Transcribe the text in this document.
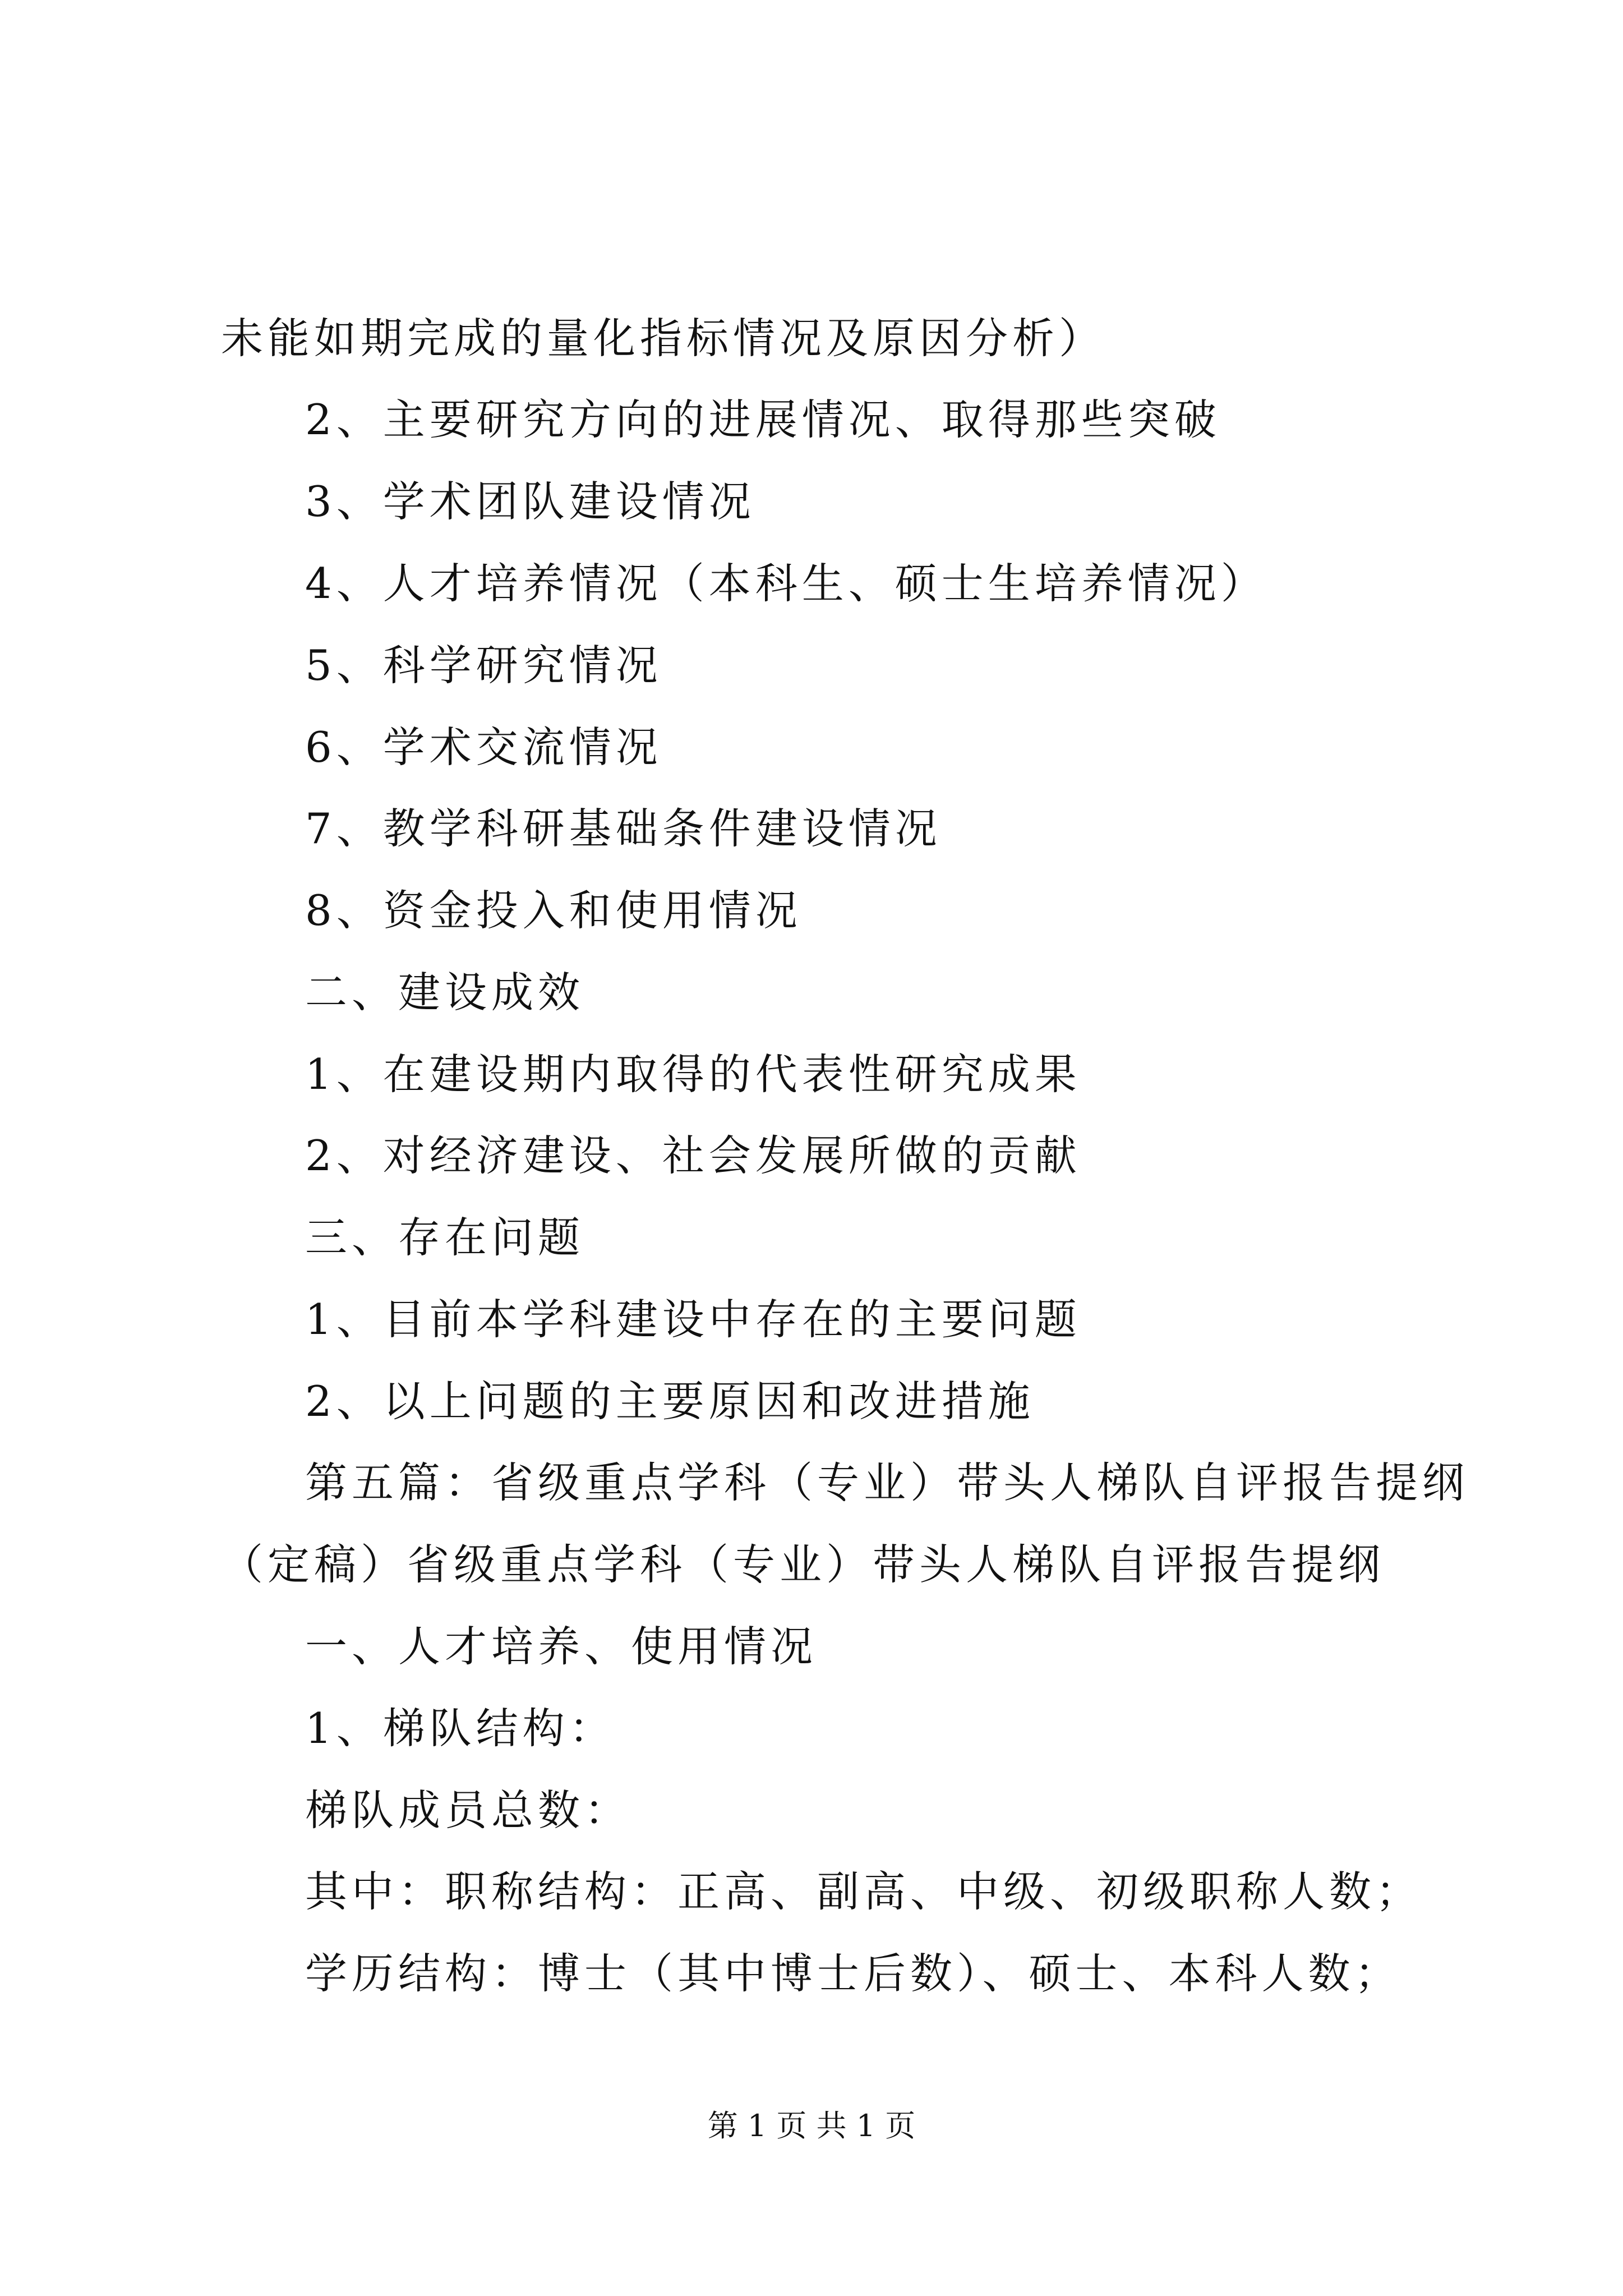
未能如期完成的量化指标情况及原因分析）
2、主要研究方向的进展情况、取得那些突破
3、学术团队建设情况
4、人才培养情况（本科生、硕士生培养情况）
5、科学研究情况
6、学术交流情况
7、教学科研基础条件建设情况
8、资金投入和使用情况
二、建设成效
1、在建设期内取得的代表性研究成果
2、对经济建设、社会发展所做的贡献
三、存在问题
1、目前本学科建设中存在的主要问题
2、以上问题的主要原因和改进措施
第五篇：省级重点学科（专业）带头人梯队自评报告提纲
（定稿）省级重点学科（专业）带头人梯队自评报告提纲
一、人才培养、使用情况
1、梯队结构：
梯队成员总数：
其中：职称结构：正高、副高、中级、初级职称人数；
学历结构：博士（其中博士后数）、硕士、本科人数；
第 1 页 共 1 页
